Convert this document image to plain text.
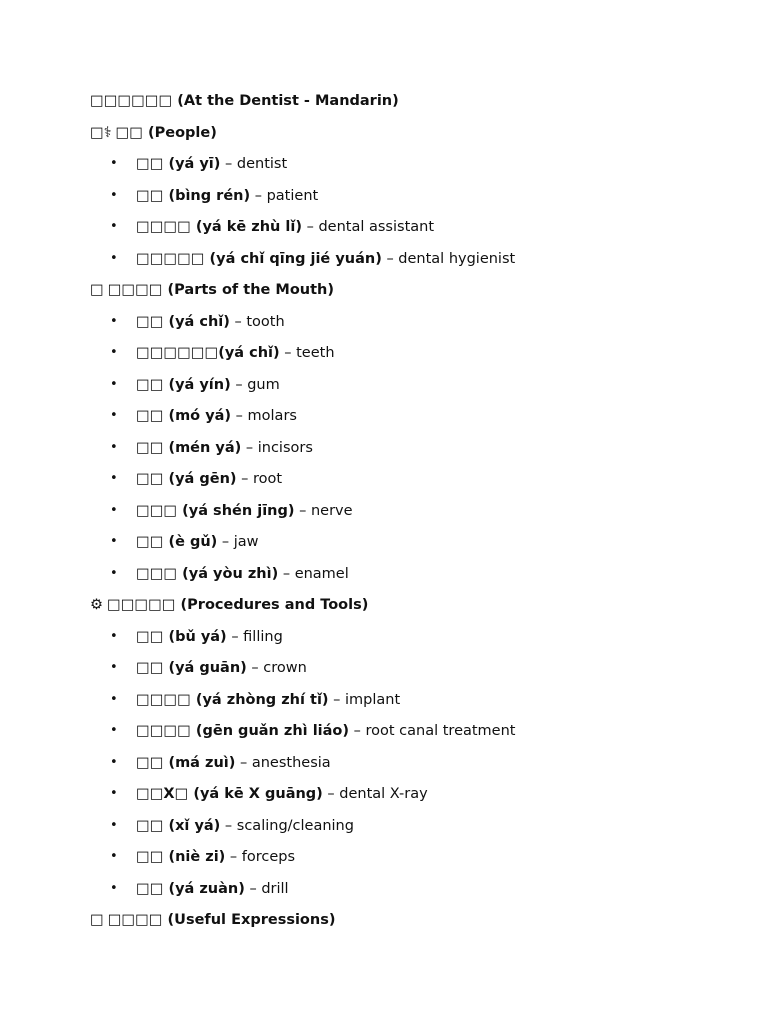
□□□□□□ (At the Dentist - Mandarin)
□⚕ □□ (People)
• □□ (yá yī) – dentist
• □□ (bìng rén) – patient
• □□□□ (yá kē zhù lǐ) – dental assistant
• □□□□□ (yá chǐ qīng jié yuán) – dental hygienist
□ □□□□ (Parts of the Mouth)
• □□ (yá chǐ) – tooth
• □□□□□□(yá chǐ) – teeth
• □□ (yá yín) – gum
• □□ (mó yá) – molars
• □□ (mén yá) – incisors
• □□ (yá gēn) – root
• □□□ (yá shén jīng) – nerve
• □□ (è gǔ) – jaw
• □□□ (yá yòu zhì) – enamel
⚙ □□□□□ (Procedures and Tools)
• □□ (bǔ yá) – filling
• □□ (yá guān) – crown
• □□□□ (yá zhòng zhí tǐ) – implant
• □□□□ (gēn guǎn zhì liáo) – root canal treatment
• □□ (má zuì) – anesthesia
• □□X□ (yá kē X guāng) – dental X-ray
• □□ (xǐ yá) – scaling/cleaning
• □□ (niè zi) – forceps
• □□ (yá zuàn) – drill
□ □□□□ (Useful Expressions)
